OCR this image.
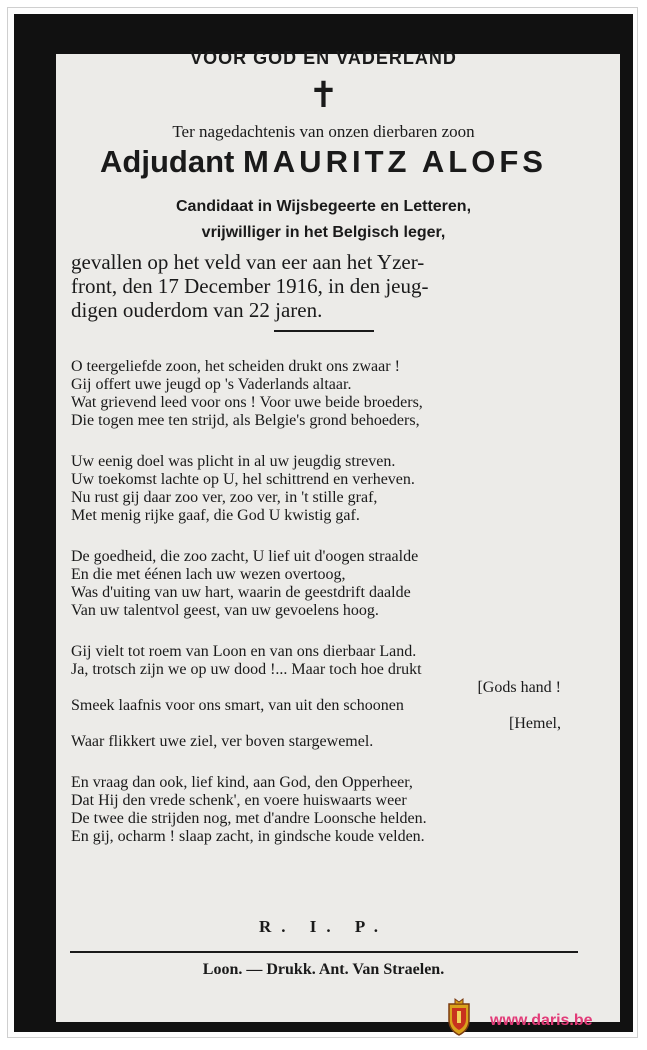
VOOR GOD EN VADERLAND
✝
Ter nagedachtenis van onzen dierbaren zoon
Adjudant MAURITZ ALOFS
Candidaat in Wijsbegeerte en Letteren,
vrijwilliger in het Belgisch leger,
gevallen op het veld van eer aan het Yzer-
front, den 17 December 1916, in den jeug-
digen ouderdom van 22 jaren.
O teergeliefde zoon, het scheiden drukt ons zwaar !
Gij offert uwe jeugd op 's Vaderlands altaar.
Wat grievend leed voor ons ! Voor uwe beide broeders,
Die togen mee ten strijd, als Belgie's grond behoeders,
Uw eenig doel was plicht in al uw jeugdig streven.
Uw toekomst lachte op U, hel schittrend en verheven.
Nu rust gij daar zoo ver, zoo ver, in 't stille graf,
Met menig rijke gaaf, die God U kwistig gaf.
De goedheid, die zoo zacht, U lief uit d'oogen straalde
En die met éénen lach uw wezen overtoog,
Was d'uiting van uw hart, waarin de geestdrift daalde
Van uw talentvol geest, van uw gevoelens hoog.
Gij vielt tot roem van Loon en van ons dierbaar Land.
Ja, trotsch zijn we op uw dood !... Maar toch hoe drukt
[Gods hand !
Smeek laafnis voor ons smart, van uit den schoonen
[Hemel,
Waar flikkert uwe ziel, ver boven stargewemel.
En vraag dan ook, lief kind, aan God, den Opperheer,
Dat Hij den vrede schenk', en voere huiswaarts weer
De twee die strijden nog, met d'andre Loonsche helden.
En gij, ocharm ! slaap zacht, in gindsche koude velden.
R. I. P.
Loon. — Drukk. Ant. Van Straelen.
www.daris.be
